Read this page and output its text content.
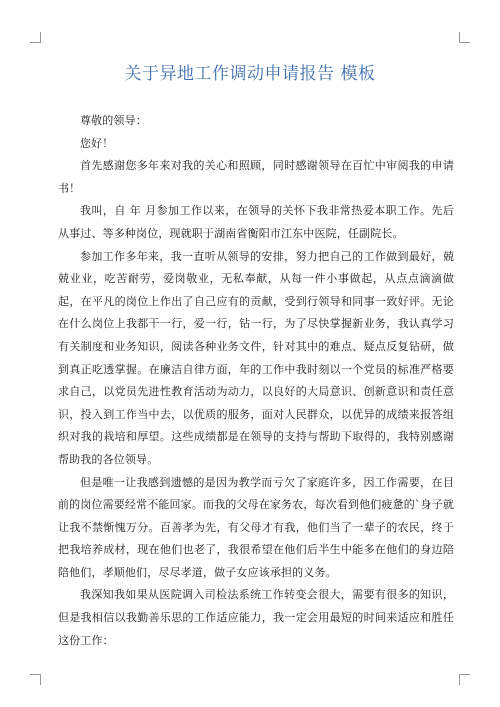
关于异地工作调动申请报告 模板

尊敬的领导：

您好！

首先感谢您多年来对我的关心和照顾，同时感谢领导在百忙中审阅我的申请书！

我叫，自 年 月参加工作以来，在领导的关怀下我非常热爱本职工作。先后从事过、等多种岗位，现就职于湖南省衡阳市江东中医院，任副院长。

参加工作多年来，我一直听从领导的安排，努力把自己的工作做到最好，兢兢业业，吃苦耐劳，爱岗敬业，无私奉献，从每一件小事做起，从点点滴滴做起，在平凡的岗位上作出了自己应有的贡献，受到行领导和同事一致好评。无论在什么岗位上我都干一行，爱一行，钻一行，为了尽快掌握新业务，我认真学习有关制度和业务知识，阅读各种业务文件，针对其中的难点、疑点反复钻研，做到真正吃透掌握。在廉洁自律方面，年的工作中我时刻以一个党员的标准严格要求自己，以党员先进性教育活动为动力，以良好的大局意识、创新意识和责任意识，投入到工作当中去，以优质的服务，面对人民群众，以优异的成绩来报答组织对我的栽培和厚望。这些成绩都是在领导的支持与帮助下取得的，我特别感谢帮助我的各位领导。

但是唯一让我感到遗憾的是因为教学而亏欠了家庭许多，因工作需要，在目前的岗位需要经常不能回家。而我的父母在家务农，每次看到他们疲惫的`身子就让我不禁惭愧万分。百善孝为先，有父母才有我，他们当了一辈子的农民，终于把我培养成材，现在他们也老了，我很希望在他们后半生中能多在他们的身边陪陪他们，孝顺他们，尽尽孝道，做子女应该承担的义务。

我深知我如果从医院调入司检法系统工作转变会很大，需要有很多的知识，但是我相信以我勤善乐思的工作适应能力，我一定会用最短的时间来适应和胜任这份工作：
